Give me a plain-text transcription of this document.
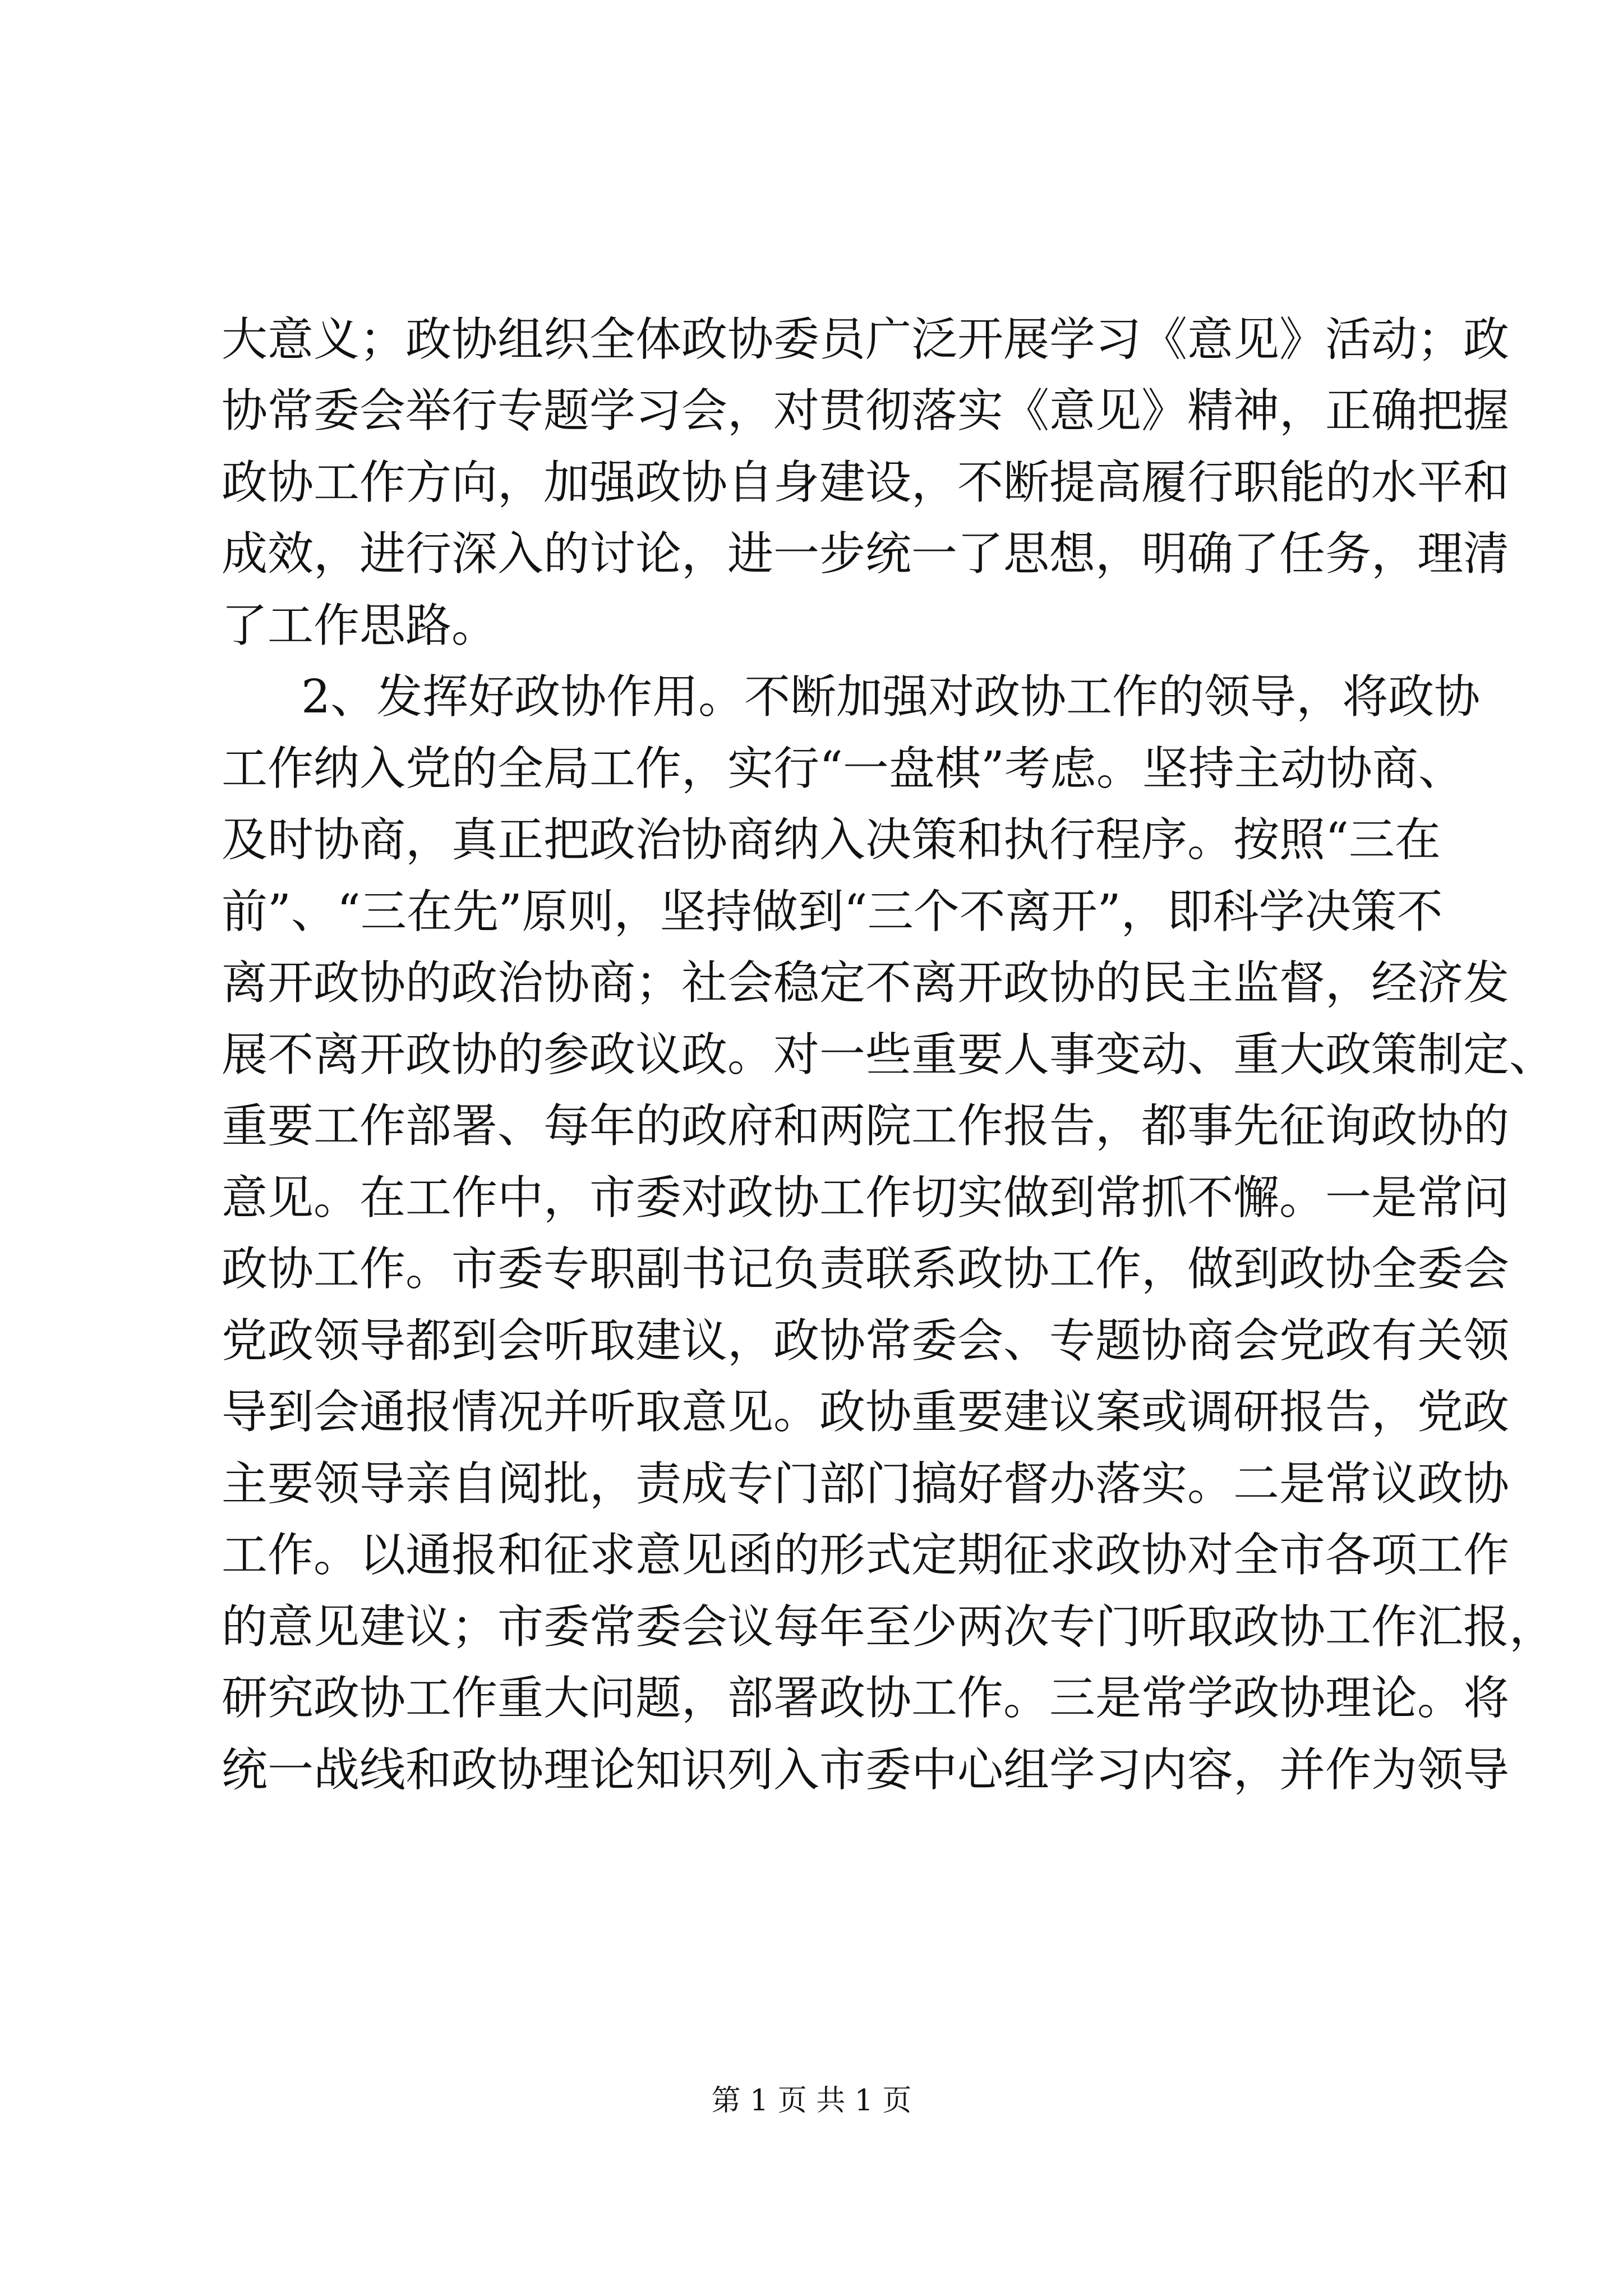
大意义；政协组织全体政协委员广泛开展学习《意见》活动；政
协常委会举行专题学习会，对贯彻落实《意见》精神，正确把握
政协工作方向，加强政协自身建设，不断提高履行职能的水平和
成效，进行深入的讨论，进一步统一了思想，明确了任务，理清
了工作思路。
2、发挥好政协作用。不断加强对政协工作的领导，将政协
工作纳入党的全局工作，实行“一盘棋”考虑。坚持主动协商、
及时协商，真正把政治协商纳入决策和执行程序。按照“三在
前”、“三在先”原则，坚持做到“三个不离开”，即科学决策不
离开政协的政治协商；社会稳定不离开政协的民主监督，经济发
展不离开政协的参政议政。对一些重要人事变动、重大政策制定、
重要工作部署、每年的政府和两院工作报告，都事先征询政协的
意见。在工作中，市委对政协工作切实做到常抓不懈。一是常问
政协工作。市委专职副书记负责联系政协工作，做到政协全委会
党政领导都到会听取建议，政协常委会、专题协商会党政有关领
导到会通报情况并听取意见。政协重要建议案或调研报告，党政
主要领导亲自阅批，责成专门部门搞好督办落实。二是常议政协
工作。以通报和征求意见函的形式定期征求政协对全市各项工作
的意见建议；市委常委会议每年至少两次专门听取政协工作汇报，
研究政协工作重大问题，部署政协工作。三是常学政协理论。将
统一战线和政协理论知识列入市委中心组学习内容，并作为领导
第 1 页 共 1 页
